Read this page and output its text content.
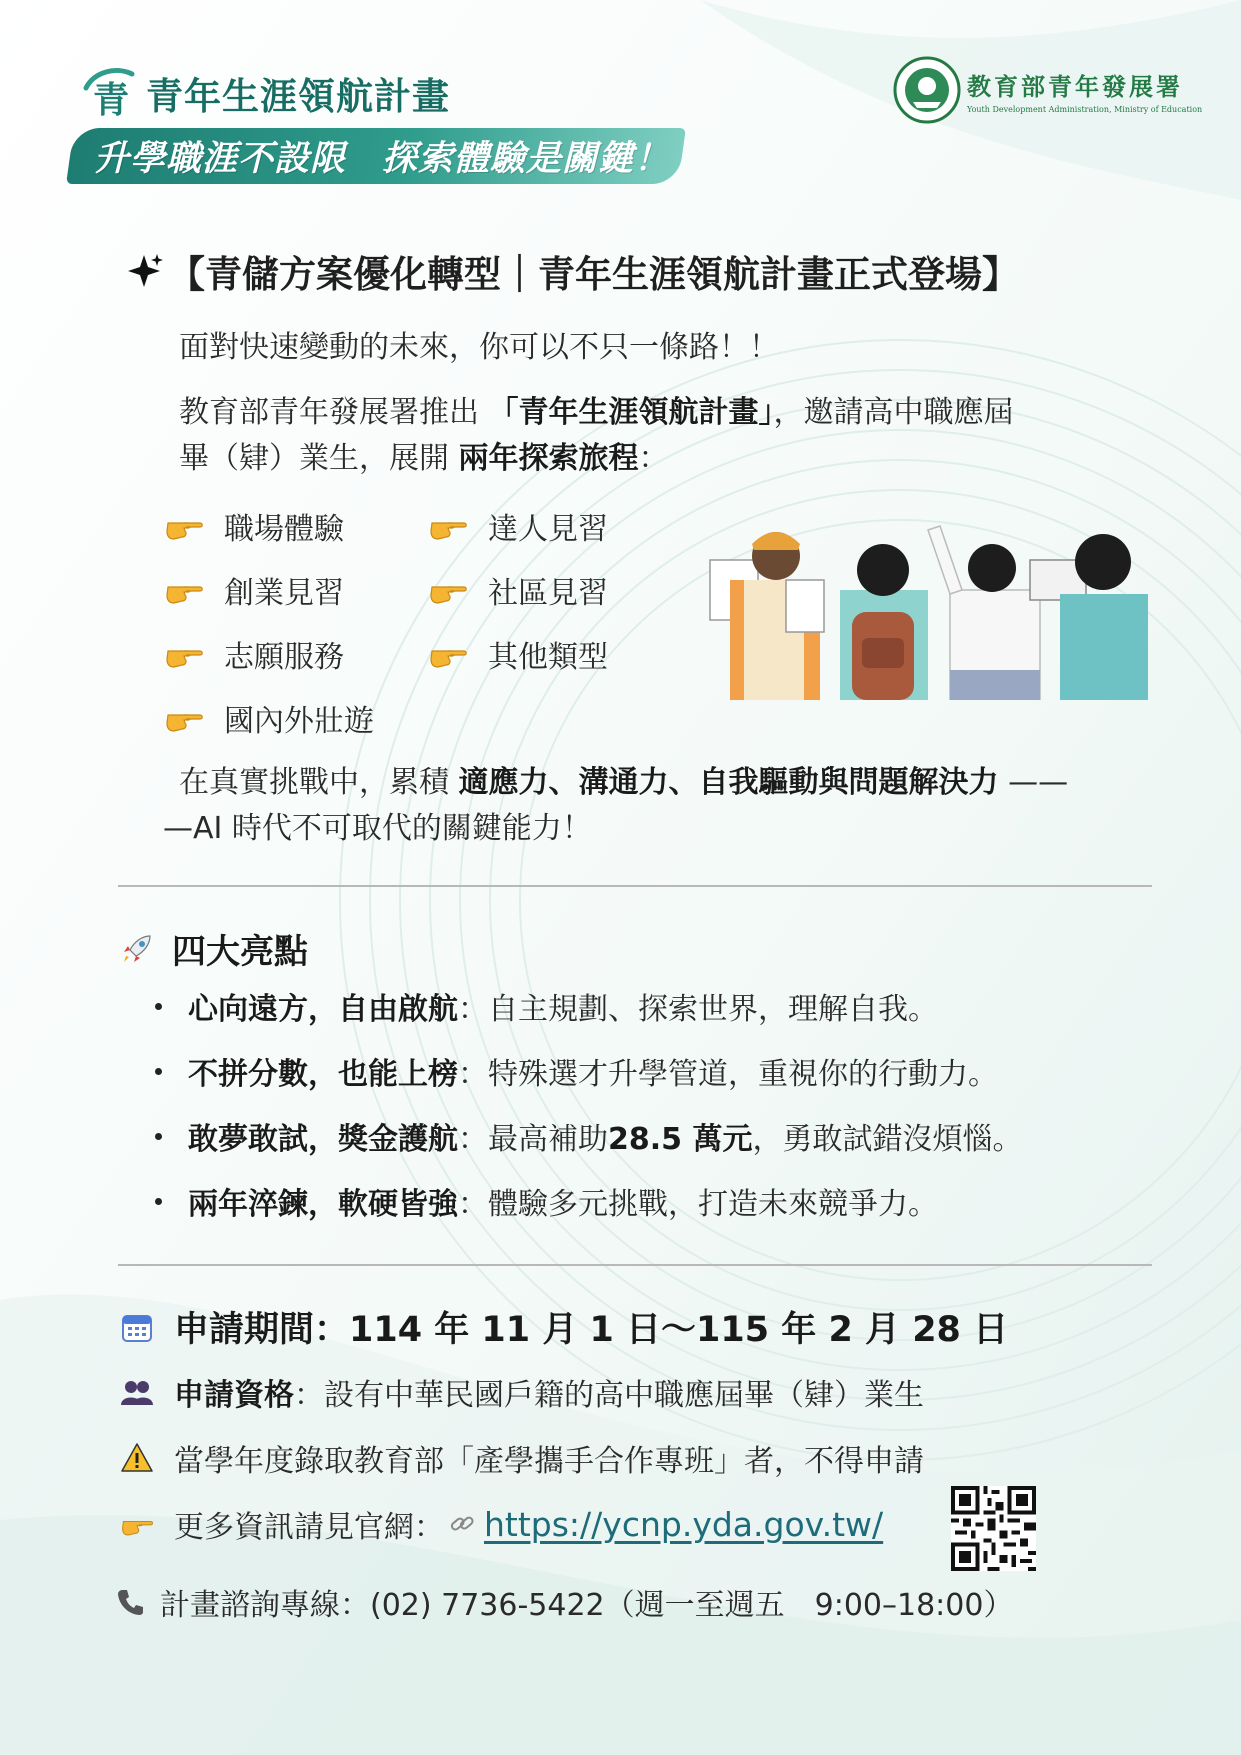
青 青年生涯領航計畫
升學職涯不設限　探索體驗是關鍵！
教育部青年發展署
Youth Development Administration, Ministry of Education
【青儲方案優化轉型｜青年生涯領航計畫正式登場】
面對快速變動的未來，你可以不只一條路！！
教育部青年發展署推出 「青年生涯領航計畫」，邀請高中職應屆
畢（肄）業生，展開 兩年探索旅程：
職場體驗	達人見習
創業見習	社區見習
志願服務	其他類型
國內外壯遊
在真實挑戰中，累積 適應力、溝通力、自我驅動與問題解決力 ——
—AI 時代不可取代的關鍵能力！
四大亮點
心向遠方，自由啟航 ：自主規劃、探索世界，理解自我。
不拼分數，也能上榜 ：特殊選才升學管道，重視你的行動力。
敢夢敢試，獎金護航 ：最高補助 28.5 萬元 ，勇敢試錯沒煩惱。
兩年淬鍊，軟硬皆強 ：體驗多元挑戰，打造未來競爭力。
申請期間：114 年 11 月 1 日～115 年 2 月 28 日
申請資格：設有中華民國戶籍的高中職應屆畢（肄）業生
當學年度錄取教育部「產學攜手合作專班」者，不得申請
更多資訊請見官網： https://ycnp.yda.gov.tw/
計畫諮詢專線：(02) 7736-5422（週一至週五　9:00–18:00）
